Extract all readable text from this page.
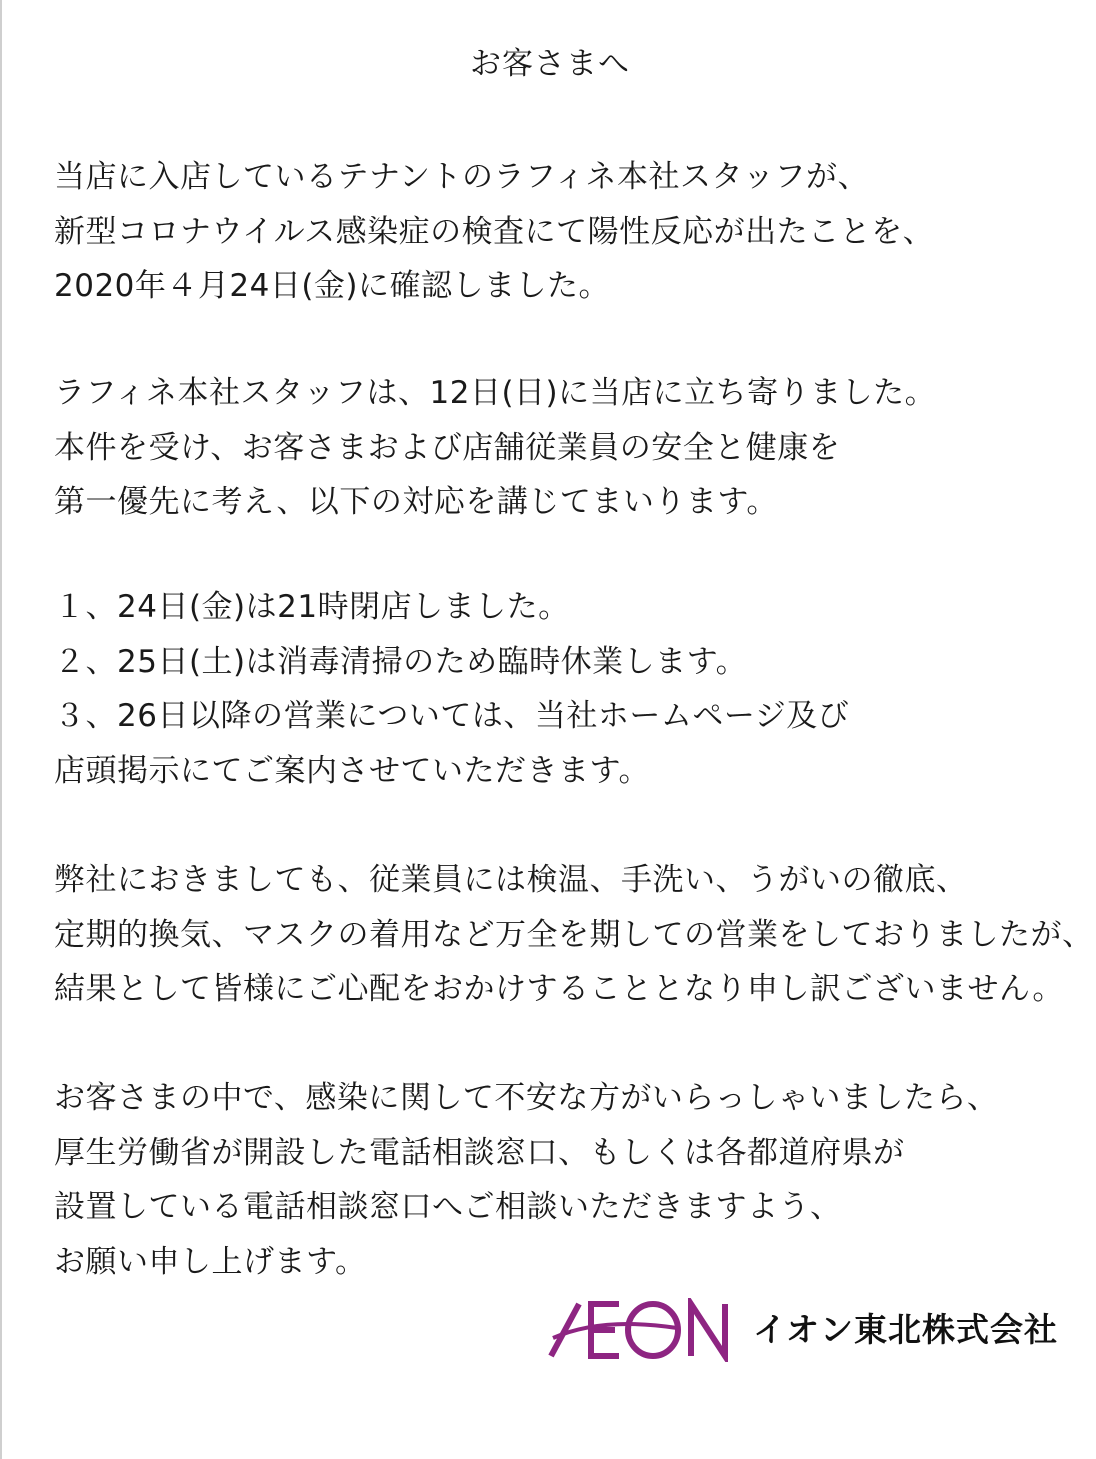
お客さまへ

当店に入店しているテナントのラフィネ本社スタッフが、
新型コロナウイルス感染症の検査にて陽性反応が出たことを、
2020年４月24日(金)に確認しました。

ラフィネ本社スタッフは、12日(日)に当店に立ち寄りました。
本件を受け、お客さまおよび店舗従業員の安全と健康を
第一優先に考え、以下の対応を講じてまいります。

１、24日(金)は21時閉店しました。
２、25日(土)は消毒清掃のため臨時休業します。
３、26日以降の営業については、当社ホームページ及び
店頭掲示にてご案内させていただきます。

弊社におきましても、従業員には検温、手洗い、うがいの徹底、
定期的換気、マスクの着用など万全を期しての営業をしておりましたが、
結果として皆様にご心配をおかけすることとなり申し訳ございません。

お客さまの中で、感染に関して不安な方がいらっしゃいましたら、
厚生労働省が開設した電話相談窓口、もしくは各都道府県が
設置している電話相談窓口へご相談いただきますよう、
お願い申し上げます。

イオン東北株式会社
